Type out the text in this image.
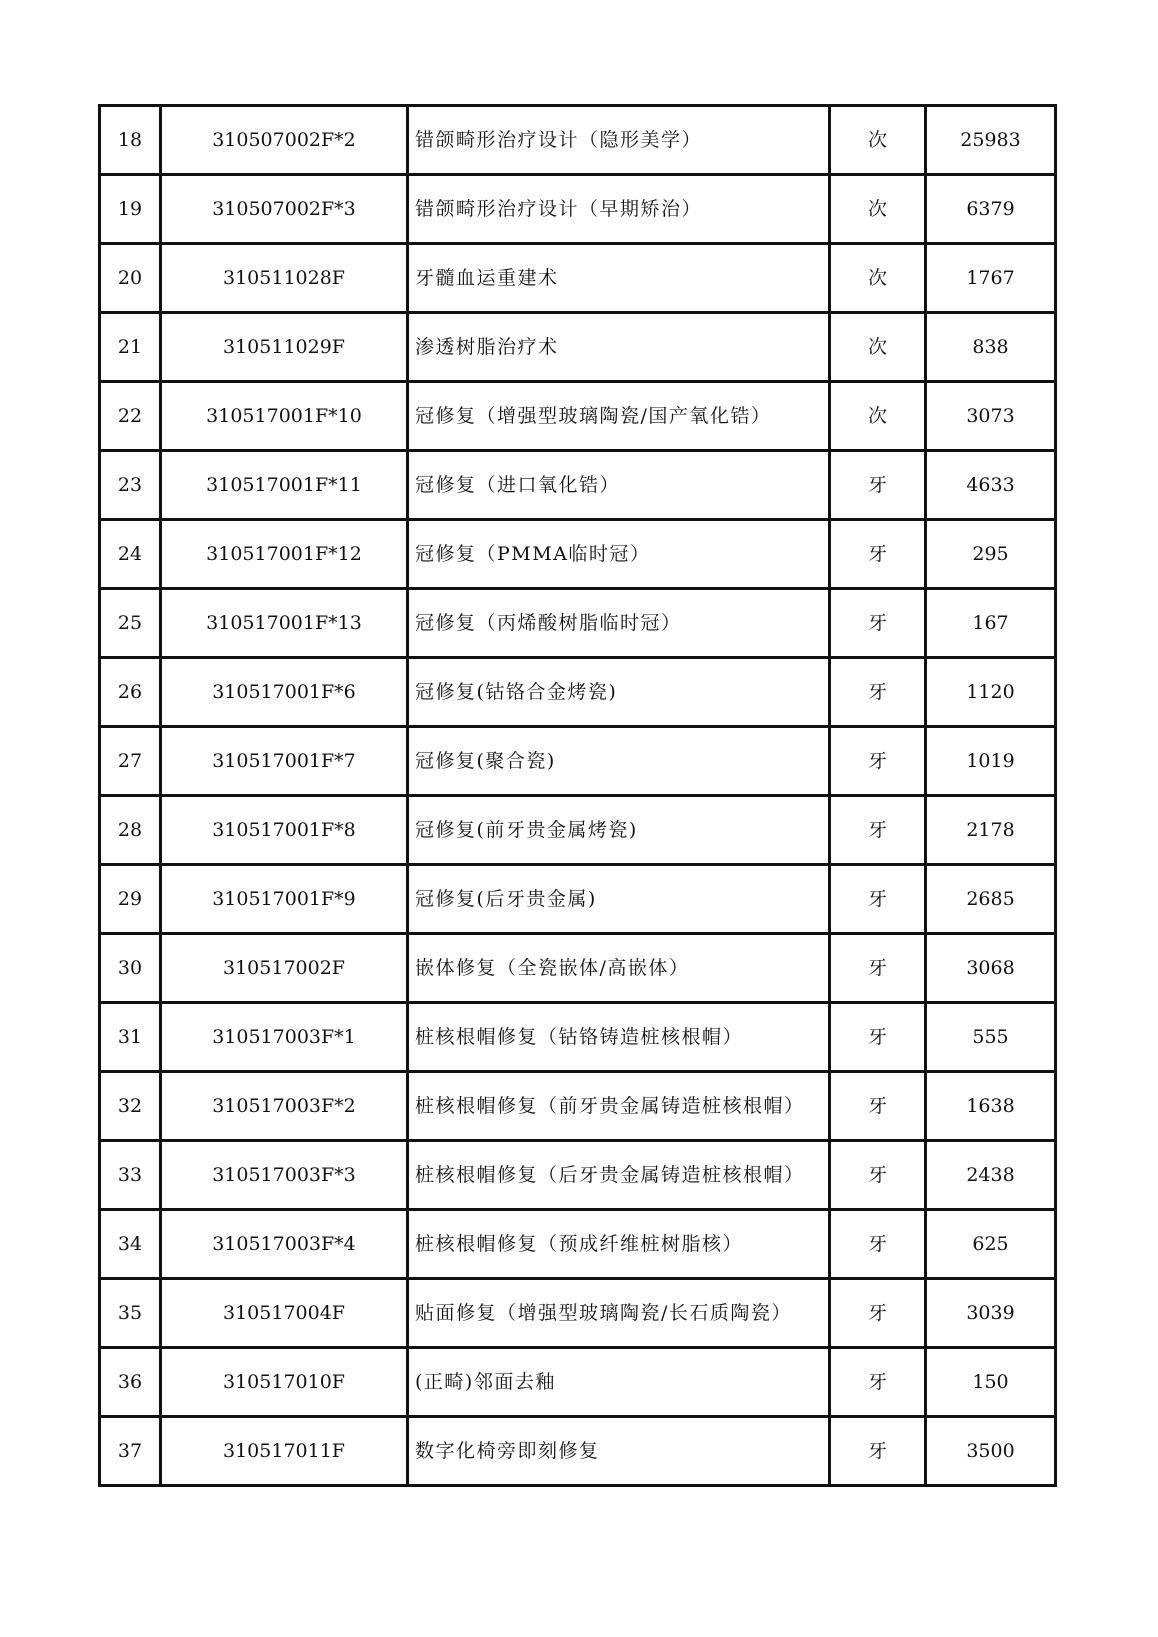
18	310507002F*2	错颌畸形治疗设计（隐形美学）	次	25983
19	310507002F*3	错颌畸形治疗设计（早期矫治）	次	6379
20	310511028F	牙髓血运重建术	次	1767
21	310511029F	渗透树脂治疗术	次	838
22	310517001F*10	冠修复（增强型玻璃陶瓷/国产氧化锆）	次	3073
23	310517001F*11	冠修复（进口氧化锆）	牙	4633
24	310517001F*12	冠修复（PMMA临时冠）	牙	295
25	310517001F*13	冠修复（丙烯酸树脂临时冠）	牙	167
26	310517001F*6	冠修复(钴铬合金烤瓷)	牙	1120
27	310517001F*7	冠修复(聚合瓷)	牙	1019
28	310517001F*8	冠修复(前牙贵金属烤瓷)	牙	2178
29	310517001F*9	冠修复(后牙贵金属)	牙	2685
30	310517002F	嵌体修复（全瓷嵌体/高嵌体）	牙	3068
31	310517003F*1	桩核根帽修复（钴铬铸造桩核根帽）	牙	555
32	310517003F*2	桩核根帽修复（前牙贵金属铸造桩核根帽）	牙	1638
33	310517003F*3	桩核根帽修复（后牙贵金属铸造桩核根帽）	牙	2438
34	310517003F*4	桩核根帽修复（预成纤维桩树脂核）	牙	625
35	310517004F	贴面修复（增强型玻璃陶瓷/长石质陶瓷）	牙	3039
36	310517010F	(正畸)邻面去釉	牙	150
37	310517011F	数字化椅旁即刻修复	牙	3500
